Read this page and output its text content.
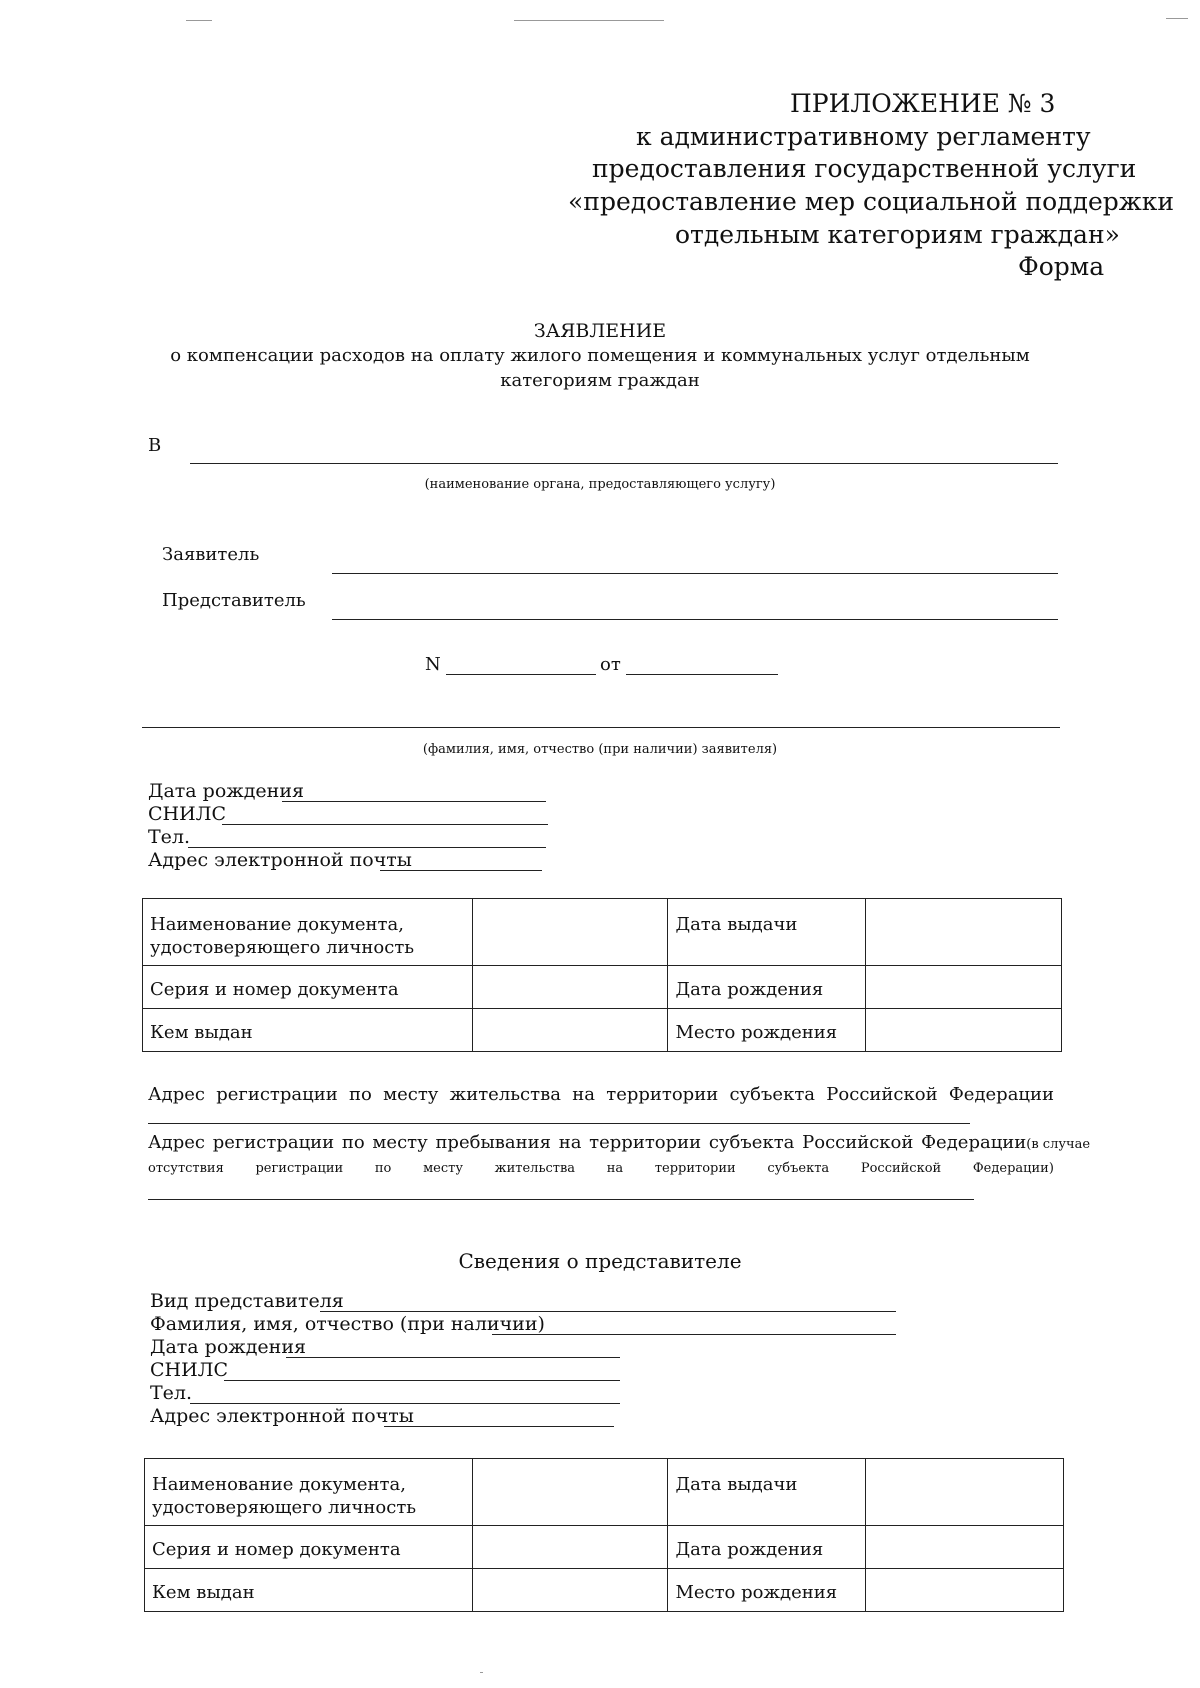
ПРИЛОЖЕНИЕ № 3
к административному регламенту
предоставления государственной услуги
«предоставление мер социальной поддержки
отдельным категориям граждан»
Форма
ЗАЯВЛЕНИЕ
о компенсации расходов на оплату жилого помещения и коммунальных услуг отдельным
категориям граждан
В
(наименование органа, предоставляющего услугу)
Заявитель
Представитель
N	от
(фамилия, имя, отчество (при наличии) заявителя)
Дата рождения
СНИЛС
Тел.
Адрес электронной почты
Наименование документа,
удостоверяющего личность		Дата выдачи	
Серия и номер документа		Дата рождения	
Кем выдан		Место рождения	
Адрес регистрации по месту жительства на территории субъекта Российской Федерации
Адрес регистрации по месту пребывания на территории субъекта Российской Федерации (в случае
отсутствия регистрации по месту жительства на территории субъекта Российской Федерации)
Сведения о представителе
Вид представителя
Фамилия, имя, отчество (при наличии)
Дата рождения
СНИЛС
Тел.
Адрес электронной почты
Наименование документа,
удостоверяющего личность		Дата выдачи	
Серия и номер документа		Дата рождения	
Кем выдан		Место рождения	
